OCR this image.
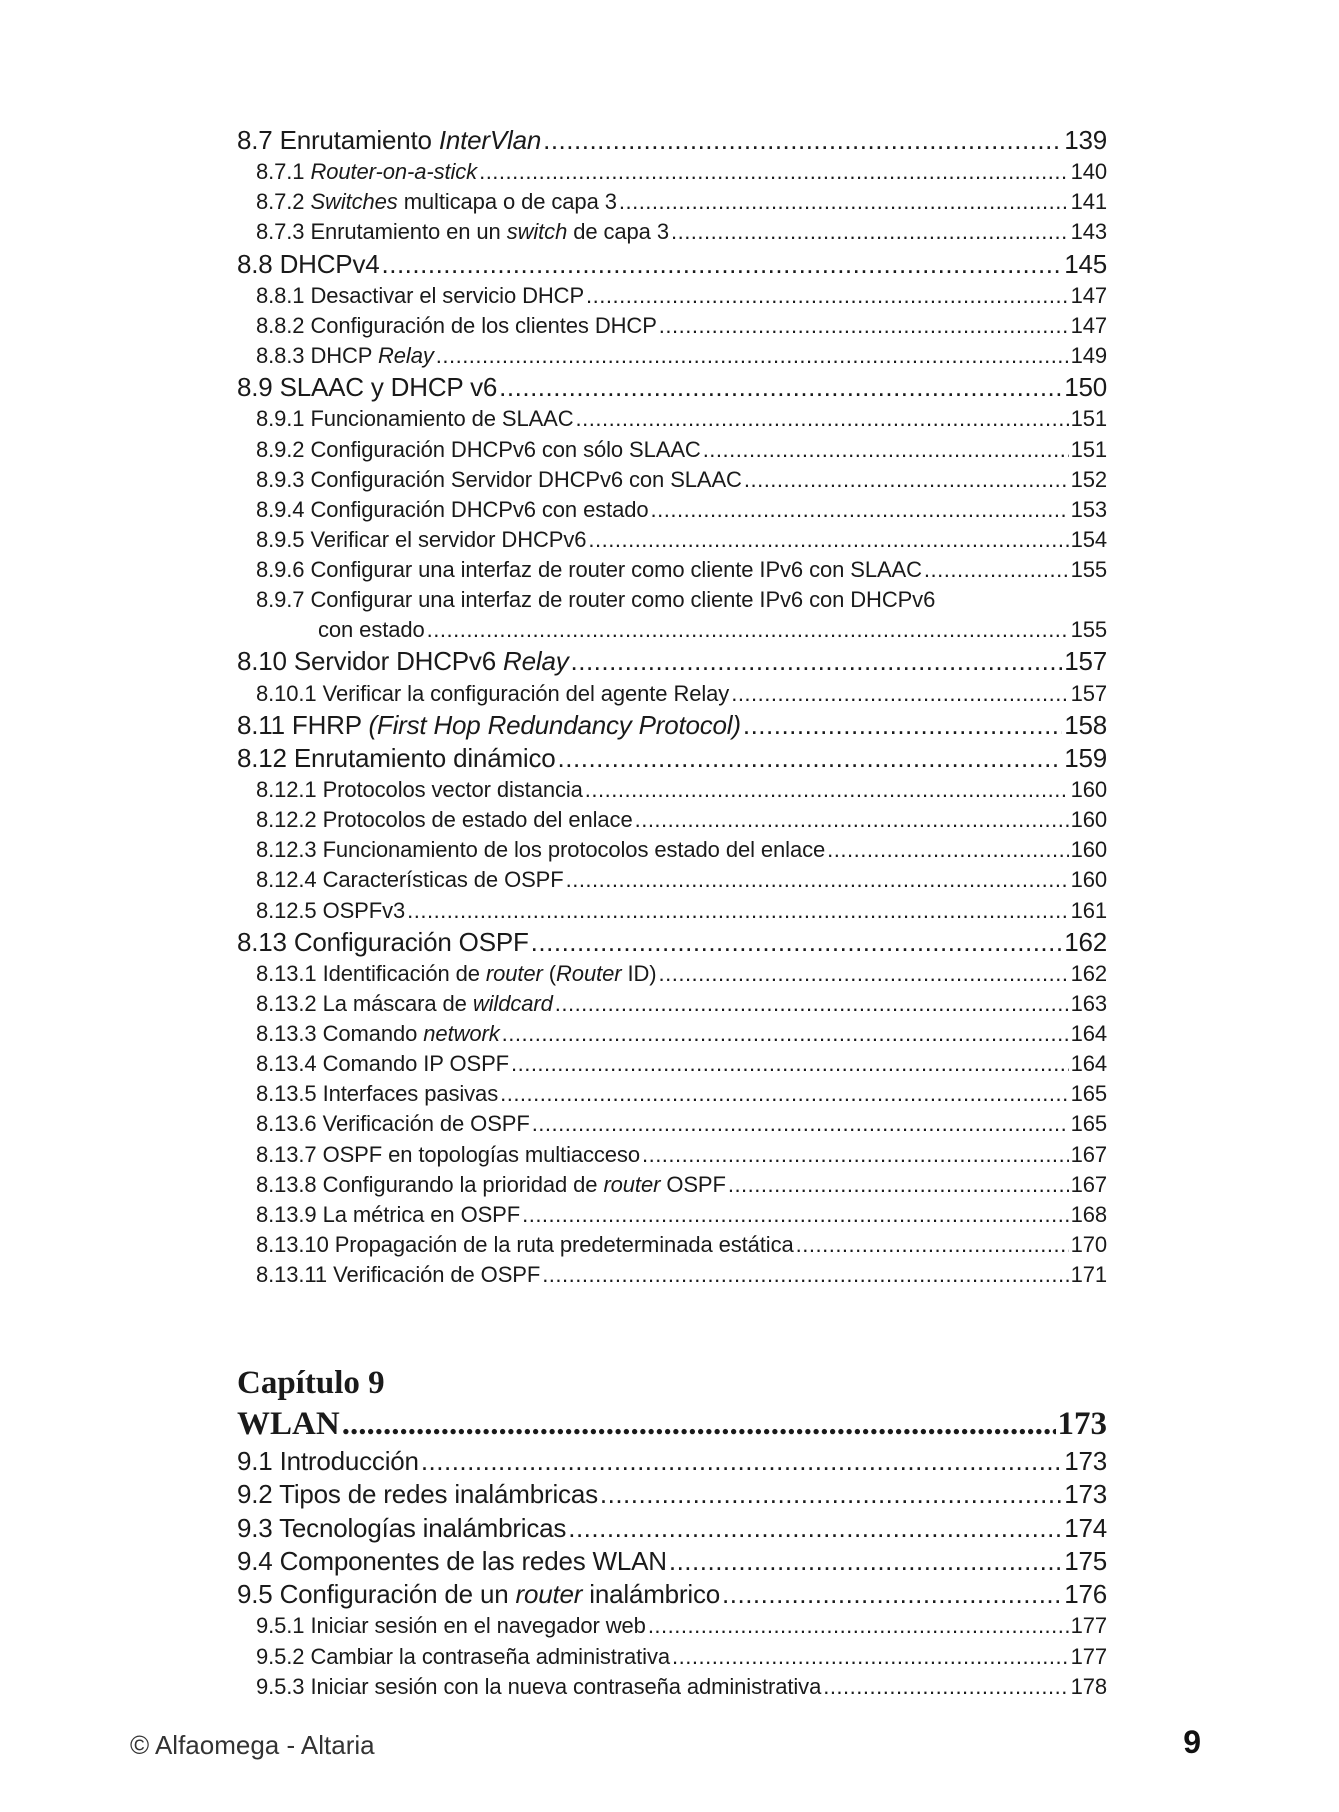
8.7 Enrutamiento InterVlan .....	139
8.7.1 Router-on-a-stick .....	140
8.7.2 Switches multicapa o de capa 3 .....	141
8.7.3 Enrutamiento en un switch de capa 3 .....	143
8.8 DHCPv4 .....	145
8.8.1 Desactivar el servicio DHCP .....	147
8.8.2 Configuración de los clientes DHCP .....	147
8.8.3 DHCP Relay .....	149
8.9 SLAAC y DHCP v6 .....	150
8.9.1 Funcionamiento de SLAAC .....	151
8.9.2 Configuración DHCPv6 con sólo SLAAC .....	151
8.9.3 Configuración Servidor DHCPv6 con SLAAC .....	152
8.9.4 Configuración DHCPv6 con estado .....	153
8.9.5 Verificar el servidor DHCPv6 .....	154
8.9.6 Configurar una interfaz de router como cliente IPv6 con SLAAC .....	155
8.9.7 Configurar una interfaz de router como cliente IPv6 con DHCPv6
con estado .....	155
8.10 Servidor DHCPv6 Relay .....	157
8.10.1 Verificar la configuración del agente Relay .....	157
8.11 FHRP (First Hop Redundancy Protocol) .....	158
8.12 Enrutamiento dinámico .....	159
8.12.1 Protocolos vector distancia .....	160
8.12.2 Protocolos de estado del enlace .....	160
8.12.3 Funcionamiento de los protocolos estado del enlace .....	160
8.12.4 Características de OSPF .....	160
8.12.5 OSPFv3 .....	161
8.13 Configuración OSPF .....	162
8.13.1 Identificación de router (Router ID) .....	162
8.13.2 La máscara de wildcard .....	163
8.13.3 Comando network .....	164
8.13.4 Comando IP OSPF .....	164
8.13.5 Interfaces pasivas .....	165
8.13.6 Verificación de OSPF .....	165
8.13.7 OSPF en topologías multiacceso .....	167
8.13.8 Configurando la prioridad de router OSPF .....	167
8.13.9 La métrica en OSPF .....	168
8.13.10 Propagación de la ruta predeterminada estática .....	170
8.13.11 Verificación de OSPF .....	171
Capítulo 9
WLAN .....	173
9.1 Introducción .....	173
9.2 Tipos de redes inalámbricas .....	173
9.3 Tecnologías inalámbricas .....	174
9.4 Componentes de las redes WLAN .....	175
9.5 Configuración de un router inalámbrico .....	176
9.5.1 Iniciar sesión en el navegador web .....	177
9.5.2 Cambiar la contraseña administrativa .....	177
9.5.3 Iniciar sesión con la nueva contraseña administrativa .....	178
© Alfaomega - Altaria	9
